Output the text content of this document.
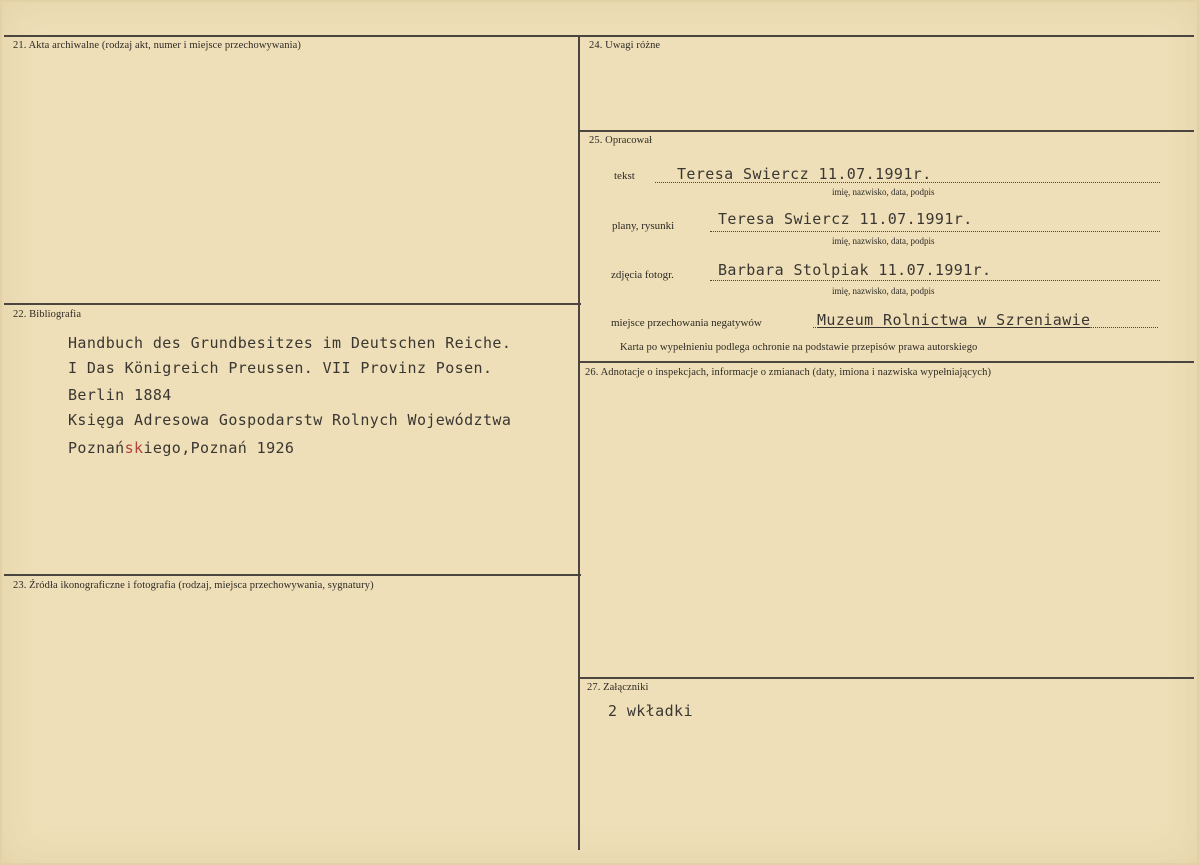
21. Akta archiwalne (rodzaj akt, numer i miejsce przechowywania)
22. Bibliografia
Handbuch des Grundbesitzes im Deutschen Reiche.
I Das Königreich Preussen. VII Provinz Posen.
Berlin 1884
Księga Adresowa Gospodarstw Rolnych Województwa
Poznańskiego,Poznań 1926
23. Źródła ikonograficzne i fotografia (rodzaj, miejsca przechowywania, sygnatury)
24. Uwagi różne
25. Opracował
tekst	Teresa Swiercz 11.07.1991r.
imię, nazwisko, data, podpis
plany, rysunki	Teresa Swiercz 11.07.1991r.
imię, nazwisko, data, podpis
zdjęcia fotogr.	Barbara Stolpiak 11.07.1991r.
imię, nazwisko, data, podpis
miejsce przechowania negatywów	Muzeum Rolnictwa w Szreniawie
Karta po wypełnieniu podlega ochronie na podstawie przepisów prawa autorskiego
26. Adnotacje o inspekcjach, informacje o zmianach (daty, imiona i nazwiska wypełniających)
27. Załączniki
2 wkładki
